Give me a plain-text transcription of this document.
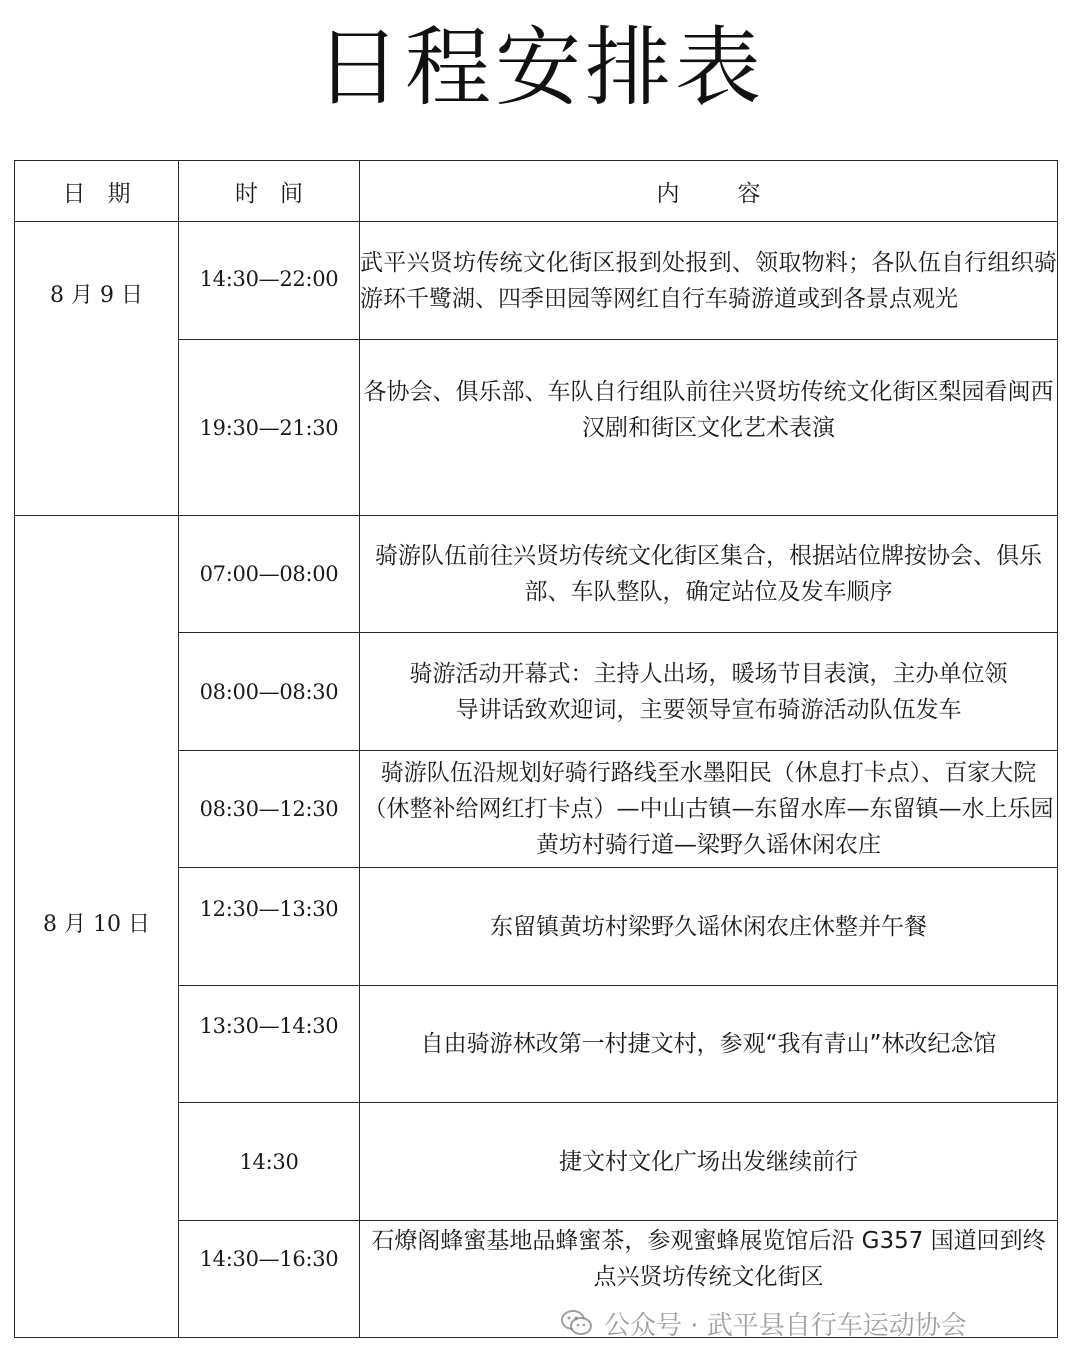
日程安排表
日期	时间	内容
8 月 9 日	14:30—22:00	武平兴贤坊传统文化街区报到处报到、领取物料；各队伍自行组织骑游环千鹭湖、四季田园等网红自行车骑游道或到各景点观光
	19:30—21:30	各协会、俱乐部、车队自行组队前往兴贤坊传统文化街区梨园看闽西汉剧和街区文化艺术表演
8 月 10 日	07:00—08:00	骑游队伍前往兴贤坊传统文化街区集合，根据站位牌按协会、俱乐部、车队整队，确定站位及发车顺序
	08:00—08:30	骑游活动开幕式：主持人出场，暖场节目表演，主办单位领导讲话致欢迎词，主要领导宣布骑游活动队伍发车
	08:30—12:30	骑游队伍沿规划好骑行路线至水墨阳民（休息打卡点）、百家大院（休整补给网红打卡点）—中山古镇—东留水库—东留镇—水上乐园黄坊村骑行道—梁野久谣休闲农庄
	12:30—13:30	东留镇黄坊村梁野久谣休闲农庄休整并午餐
	13:30—14:30	自由骑游林改第一村捷文村，参观“我有青山”林改纪念馆
	14:30	捷文村文化广场出发继续前行
	14:30—16:30	石燎阁蜂蜜基地品蜂蜜茶，参观蜜蜂展览馆后沿 G357 国道回到终点兴贤坊传统文化街区
公众号 · 武平县自行车运动协会
